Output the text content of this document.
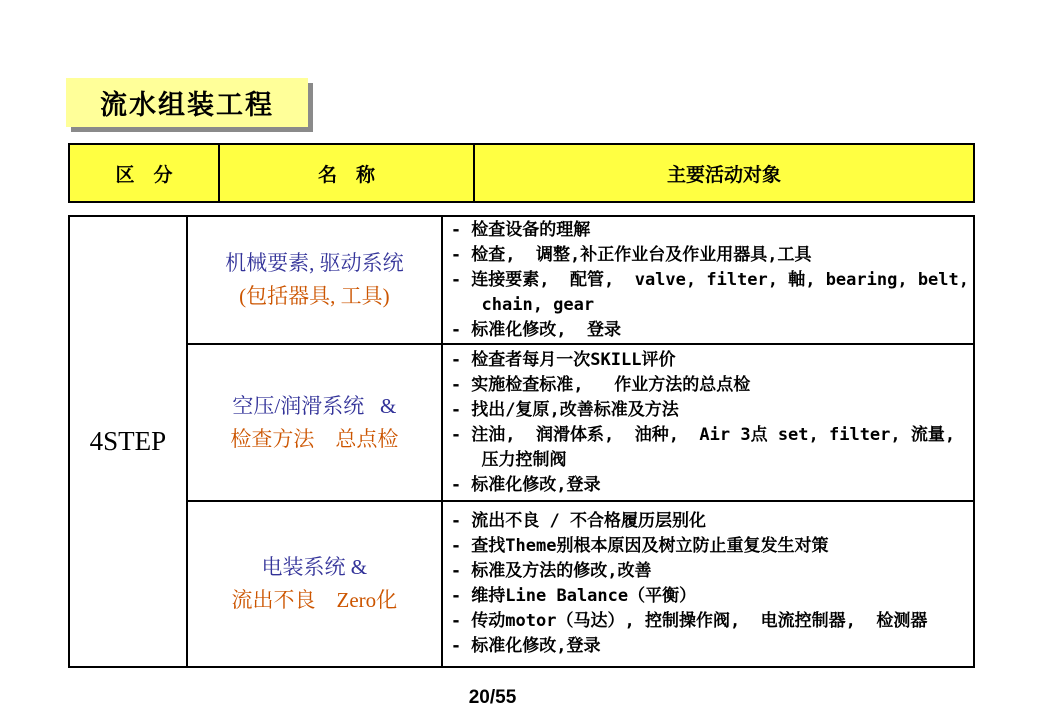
流水组装工程
区　分	名　称	主要活动对象
4STEP
机械要素, 驱动系统
(包括器具, 工具)
- 检查设备的理解
- 检查,  调整,补正作业台及作业用器具,工具
- 连接要素,  配管,  valve, filter, 軸, bearing, belt,
chain, gear
- 标准化修改,  登录
空压/润滑系统   &
检查方法　总点检
- 检查者每月一次SKILL评价
- 实施检查标准,   作业方法的总点检
- 找出/复原,改善标准及方法
- 注油,  润滑体系,  油种,  Air 3点 set, filter, 流量,
压力控制阀
- 标准化修改,登录
电装系统 &
流出不良　Zero化
- 流出不良 / 不合格履历层别化
- 查找Theme别根本原因及树立防止重复发生对策
- 标准及方法的修改,改善
- 维持Line Balance（平衡）
- 传动motor（马达）, 控制操作阀,  电流控制器,  检测器
- 标准化修改,登录
20/55
